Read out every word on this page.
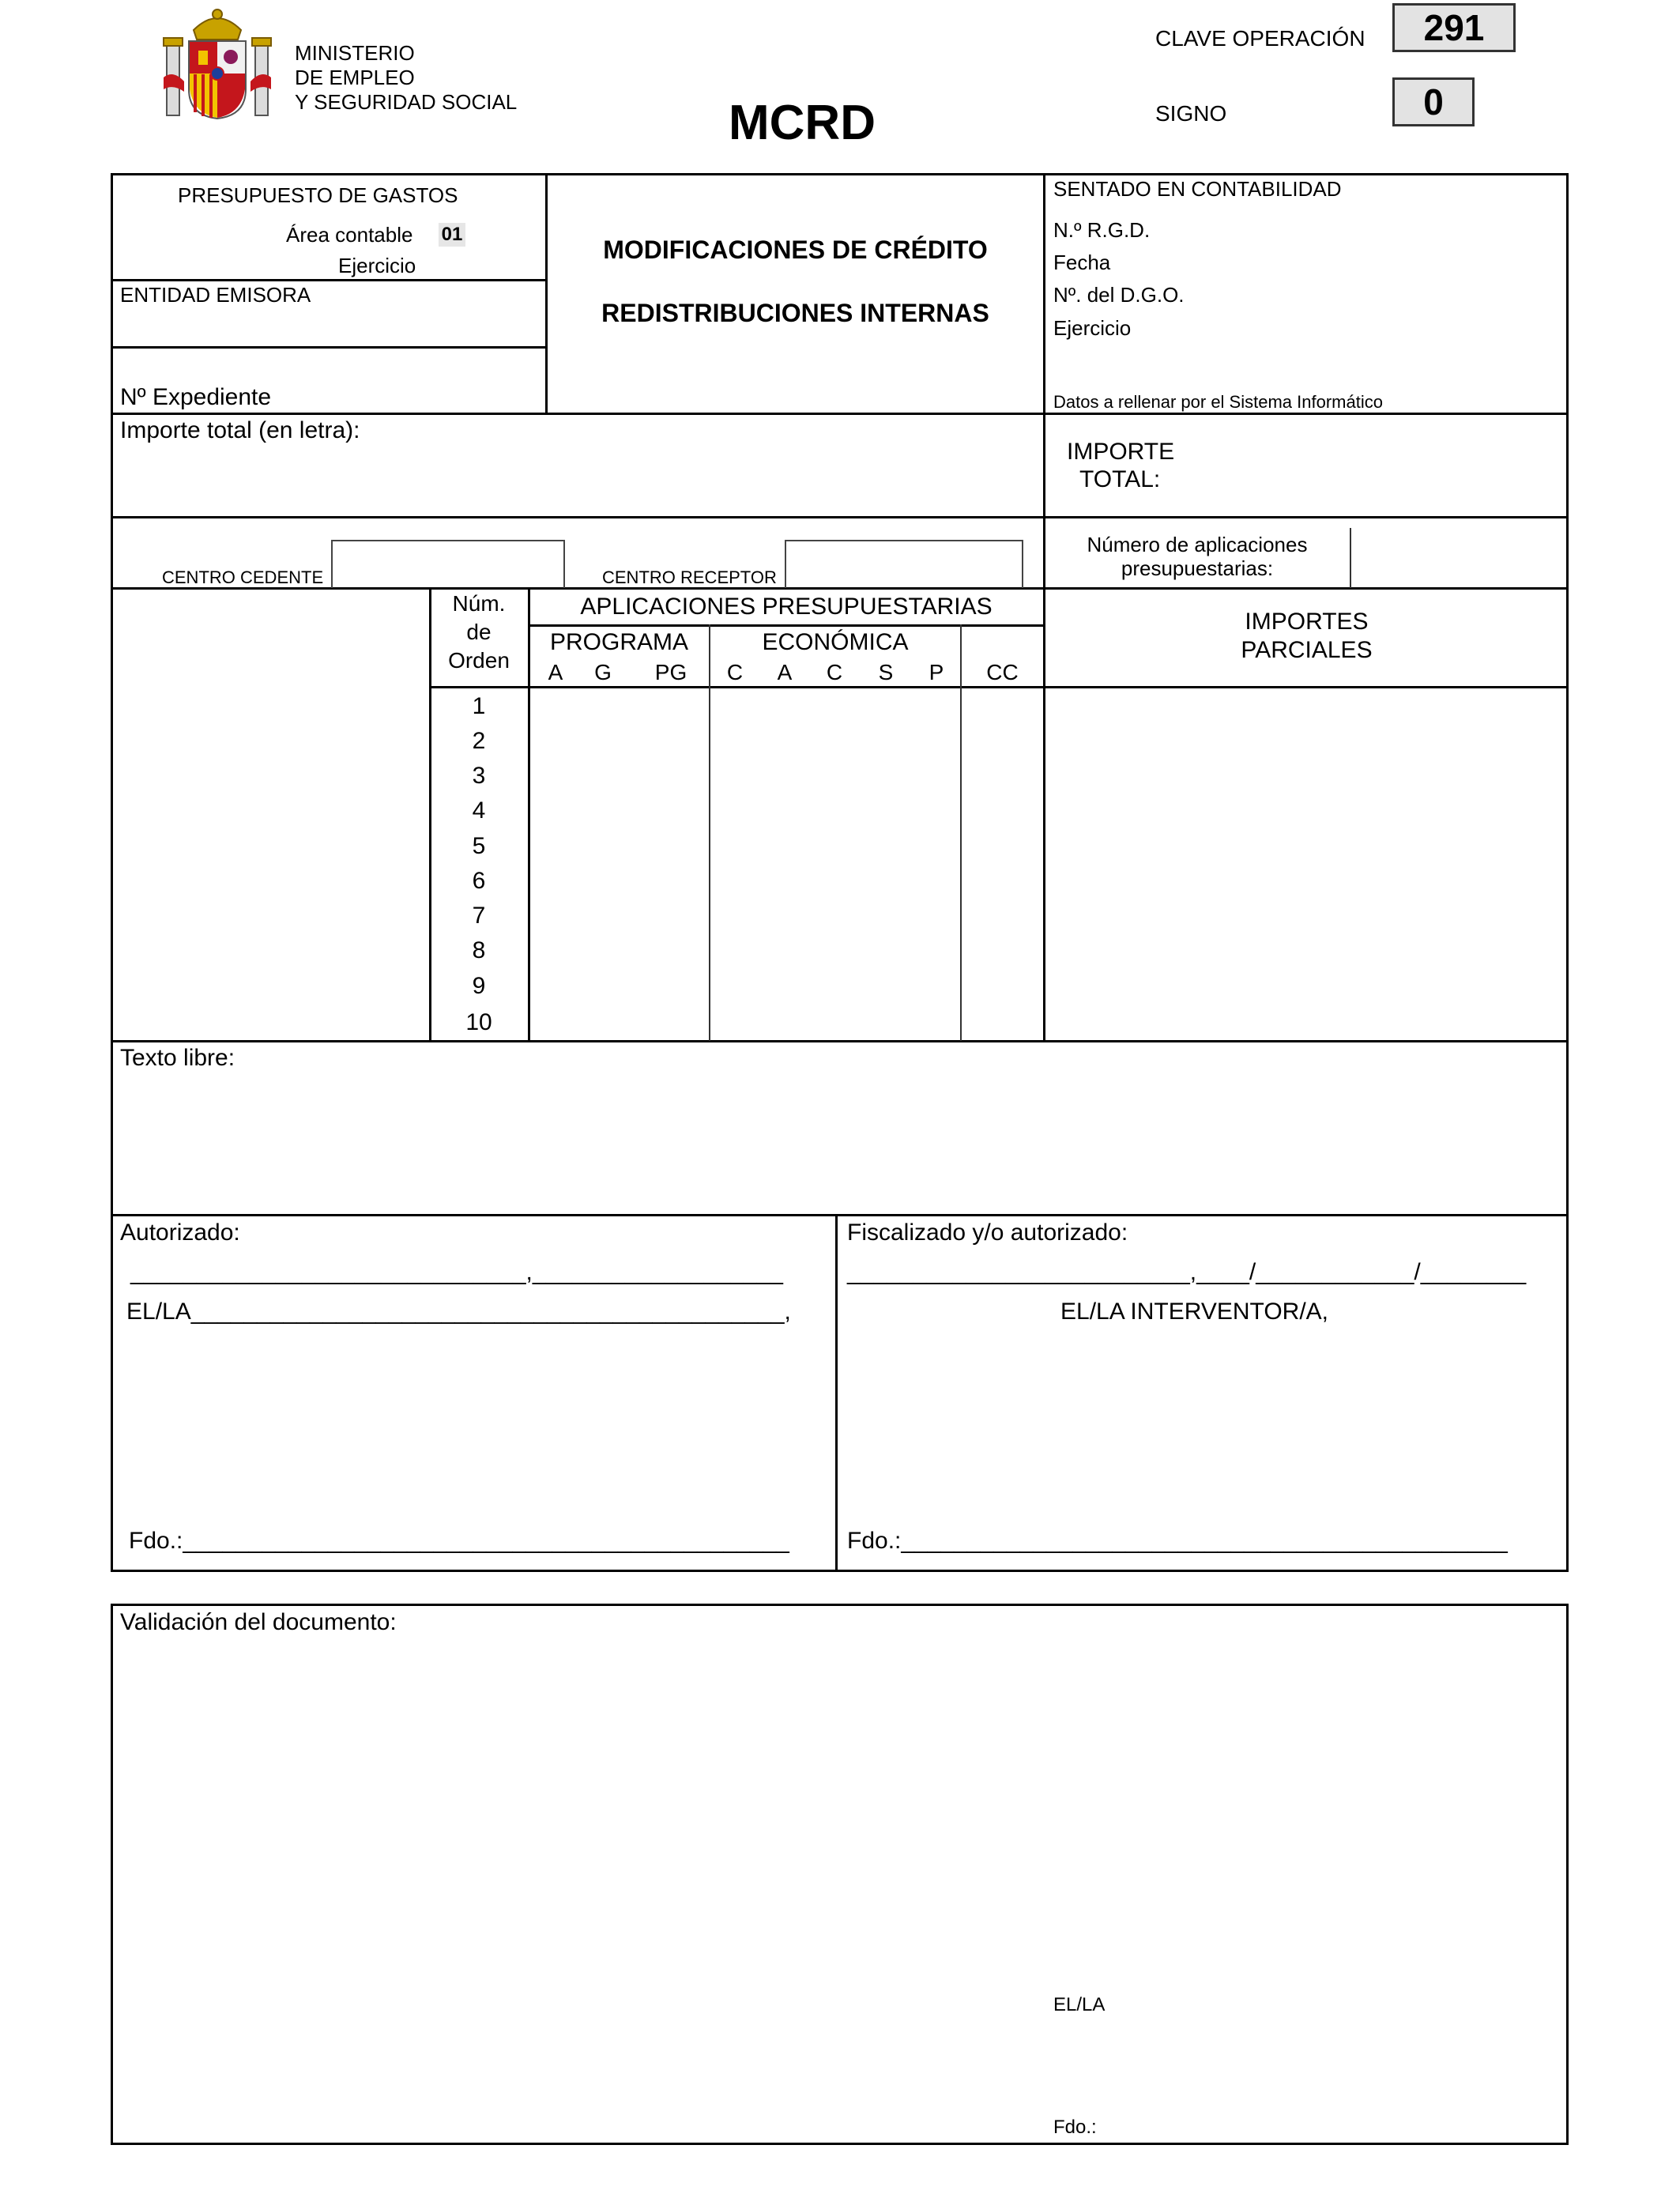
MINISTERIO
DE EMPLEO
Y SEGURIDAD SOCIAL	MCRD
CLAVE OPERACIÓN	291
SIGNO	0
PRESUPUESTO DE GASTOS
Área contable 01
Ejercicio
ENTIDAD EMISORA
Nº Expediente
MODIFICACIONES DE CRÉDITO
REDISTRIBUCIONES INTERNAS
SENTADO EN CONTABILIDAD
N.º R.G.D.
Fecha
Nº. del D.G.O.
Ejercicio
Datos a rellenar por el Sistema Informático
Importe total (en letra):
IMPORTE
TOTAL:
CENTRO CEDENTE	CENTRO RECEPTOR
Número de aplicaciones
presupuestarias:
Núm.
de
Orden
APLICACIONES PRESUPUESTARIAS
PROGRAMA	ECONÓMICA
A	G	PG	C	A	C	S	P	CC
IMPORTES
PARCIALES
1
2
3
4
5
6
7
8
9
10
Texto libre:
Autorizado:
______________________________,___________________
EL/LA_____________________________________________,
Fdo.:______________________________________________
Fiscalizado y/o autorizado:
__________________________,____/____________/________
EL/LA INTERVENTOR/A,
Fdo.:______________________________________________
Validación del documento:
EL/LA
Fdo.:
